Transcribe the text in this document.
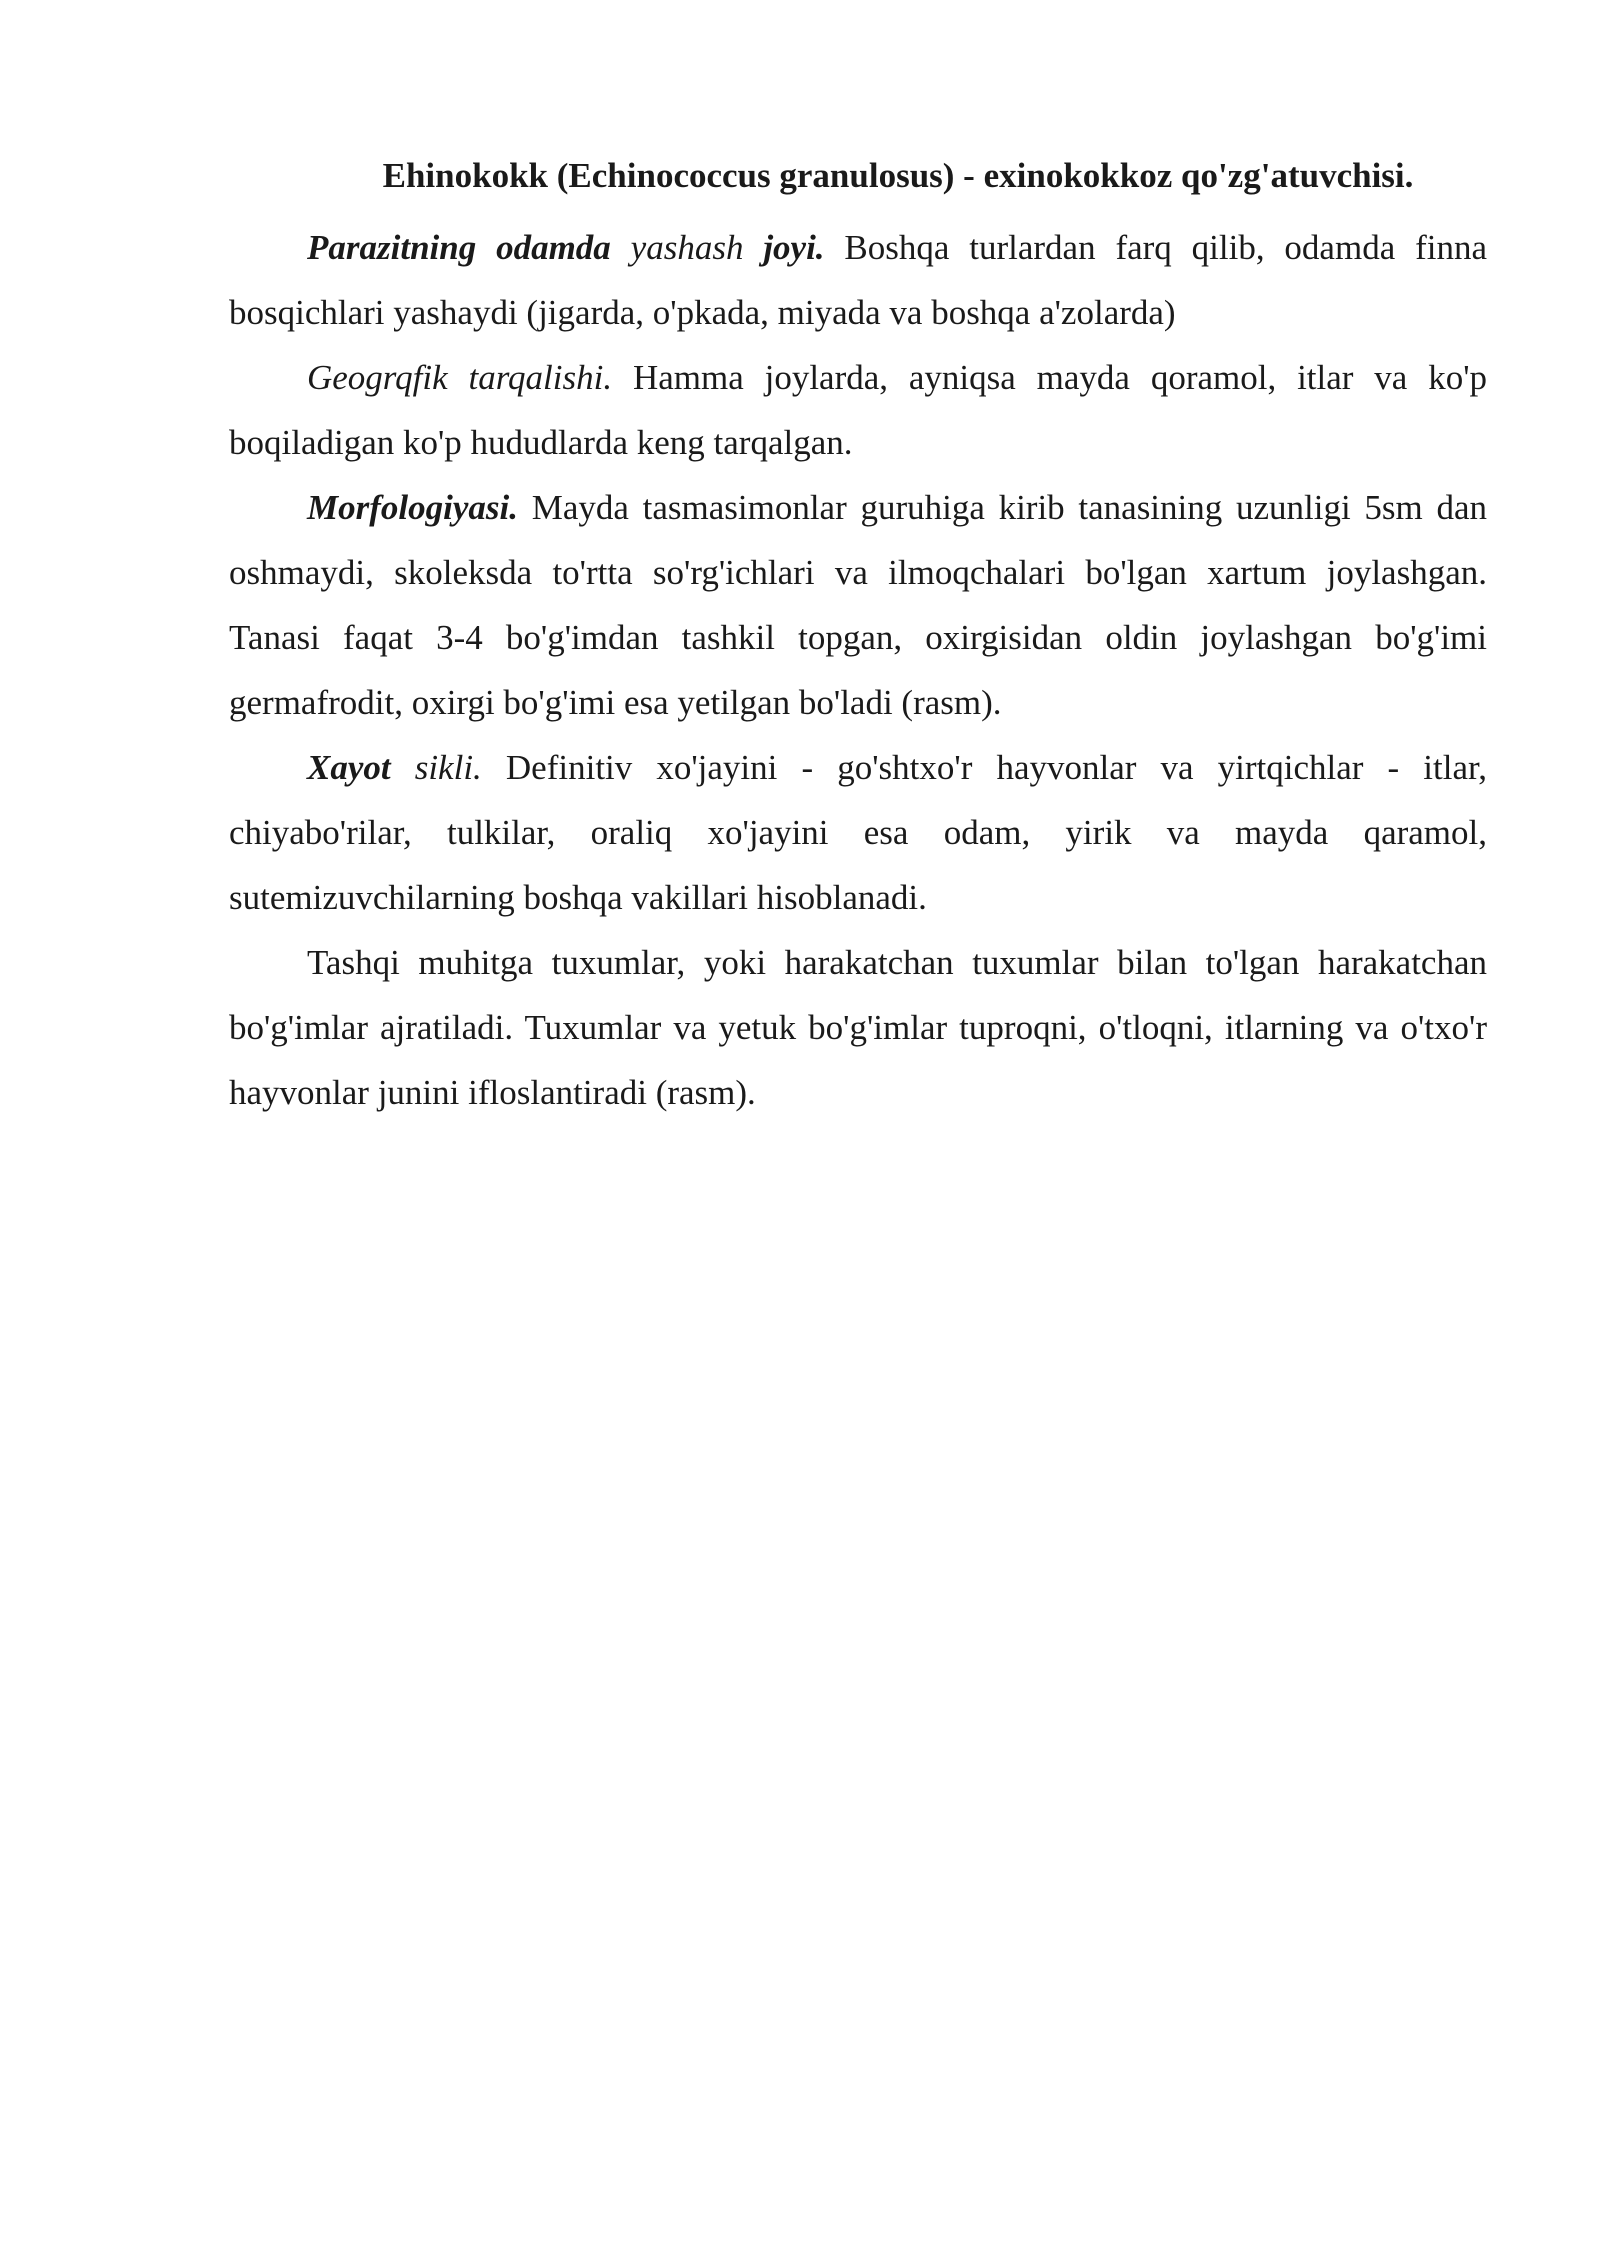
Ehinokokk (Echinococcus granulosus) - exinokokkoz qo'zg'atuvchisi.

Parazitning odamda yashash joyi. Boshqa turlardan farq qilib, odamda finna bosqichlari yashaydi (jigarda, o'pkada, miyada va boshqa a'zolarda)

Geogrqfik tarqalishi. Hamma joylarda, ayniqsa mayda qoramol, itlar va ko'p boqiladigan ko'p hududlarda keng tarqalgan.

Morfologiyasi. Mayda tasmasimonlar guruhiga kirib tanasining uzunligi 5sm dan oshmaydi, skoleksda to'rtta so'rg'ichlari va ilmoqchalari bo'lgan xartum joylashgan. Tanasi faqat 3-4 bo'g'imdan tashkil topgan, oxirgisidan oldin joylashgan bo'g'imi germafrodit, oxirgi bo'g'imi esa yetilgan bo'ladi (rasm).

Xayot sikli. Definitiv xo'jayini - go'shtxo'r hayvonlar va yirtqichlar - itlar, chiyabo'rilar, tulkilar, oraliq xo'jayini esa odam, yirik va mayda qaramol, sutemizuvchilarning boshqa vakillari hisoblanadi.

Tashqi muhitga tuxumlar, yoki harakatchan tuxumlar bilan to'lgan harakatchan bo'g'imlar ajratiladi. Tuxumlar va yetuk bo'g'imlar tuproqni, o'tloqni, itlarning va o'txo'r hayvonlar junini ifloslantiradi (rasm).
